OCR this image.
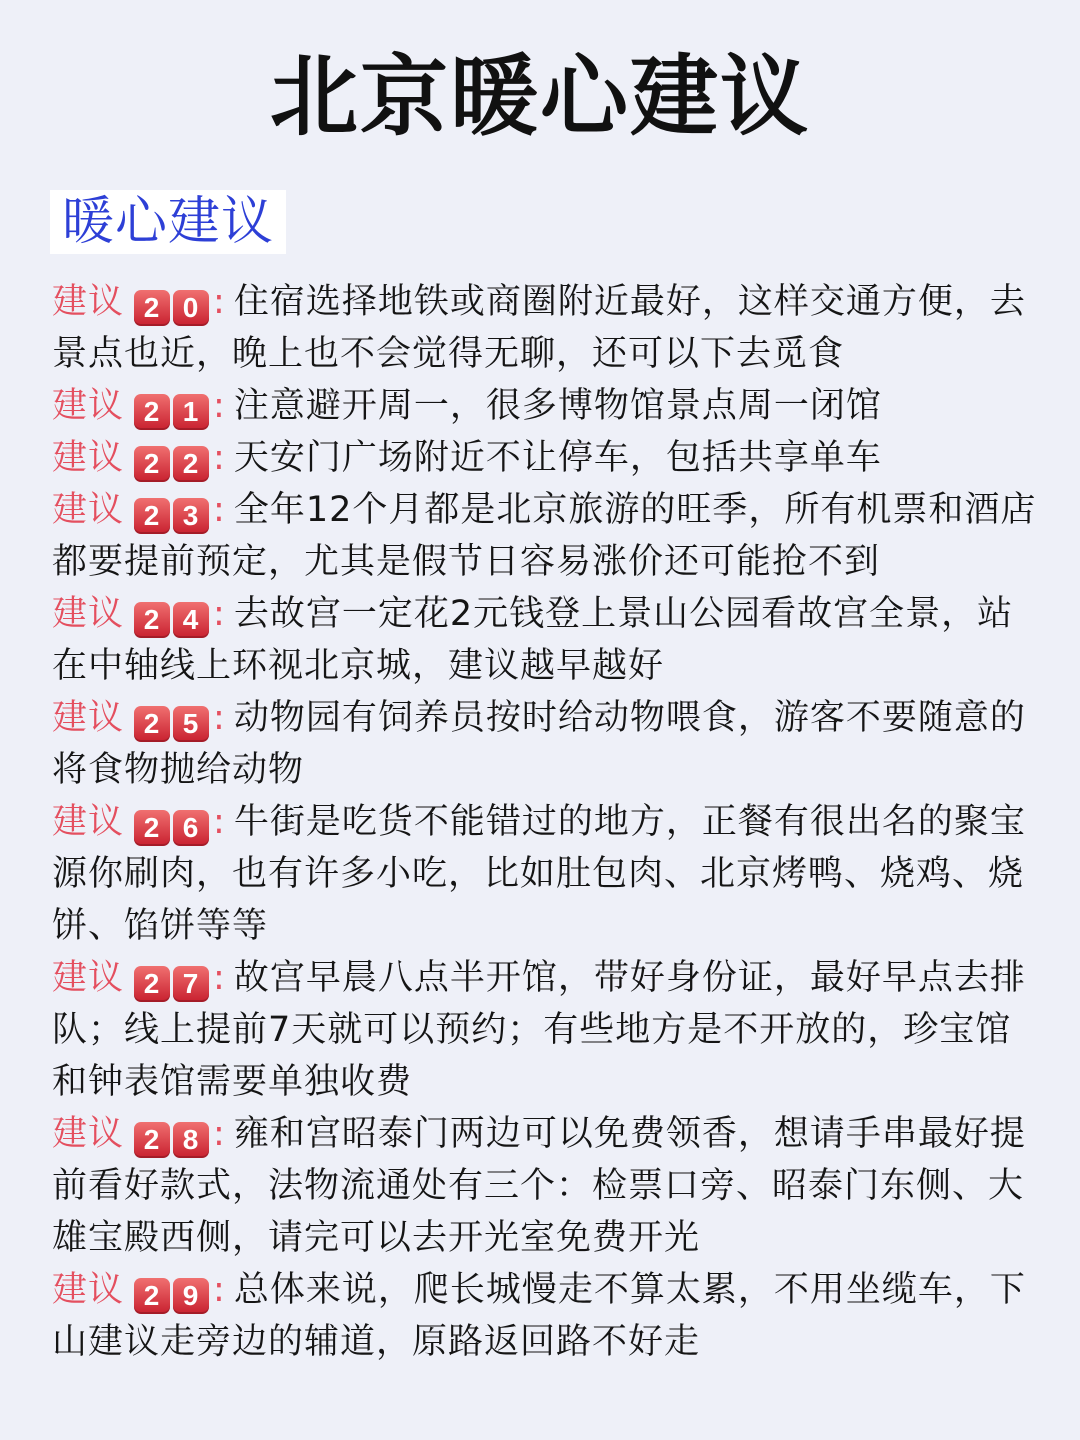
北京暖心建议
暖心建议
建议 2 0 : 住宿选择地铁或商圈附近最好，这样交通方便，去景点也近，晚上也不会觉得无聊，还可以下去觅食
建议 2 1 : 注意避开周一，很多博物馆景点周一闭馆
建议 2 2 : 天安门广场附近不让停车，包括共享单车
建议 2 3 : 全年12个月都是北京旅游的旺季，所有机票和酒店都要提前预定，尤其是假节日容易涨价还可能抢不到
建议 2 4 : 去故宫一定花2元钱登上景山公园看故宫全景，站在中轴线上环视北京城，建议越早越好
建议 2 5 : 动物园有饲养员按时给动物喂食，游客不要随意的将食物抛给动物
建议 2 6 : 牛街是吃货不能错过的地方，正餐有很出名的聚宝源你刷肉，也有许多小吃，比如肚包肉、北京烤鸭、烧鸡、烧饼、馅饼等等
建议 2 7 : 故宫早晨八点半开馆，带好身份证，最好早点去排队；线上提前7天就可以预约；有些地方是不开放的，珍宝馆和钟表馆需要单独收费
建议 2 8 : 雍和宫昭泰门两边可以免费领香，想请手串最好提前看好款式，法物流通处有三个：检票口旁、昭泰门东侧、大雄宝殿西侧，请完可以去开光室免费开光
建议 2 9 : 总体来说，爬长城慢走不算太累，不用坐缆车，下山建议走旁边的辅道，原路返回路不好走
